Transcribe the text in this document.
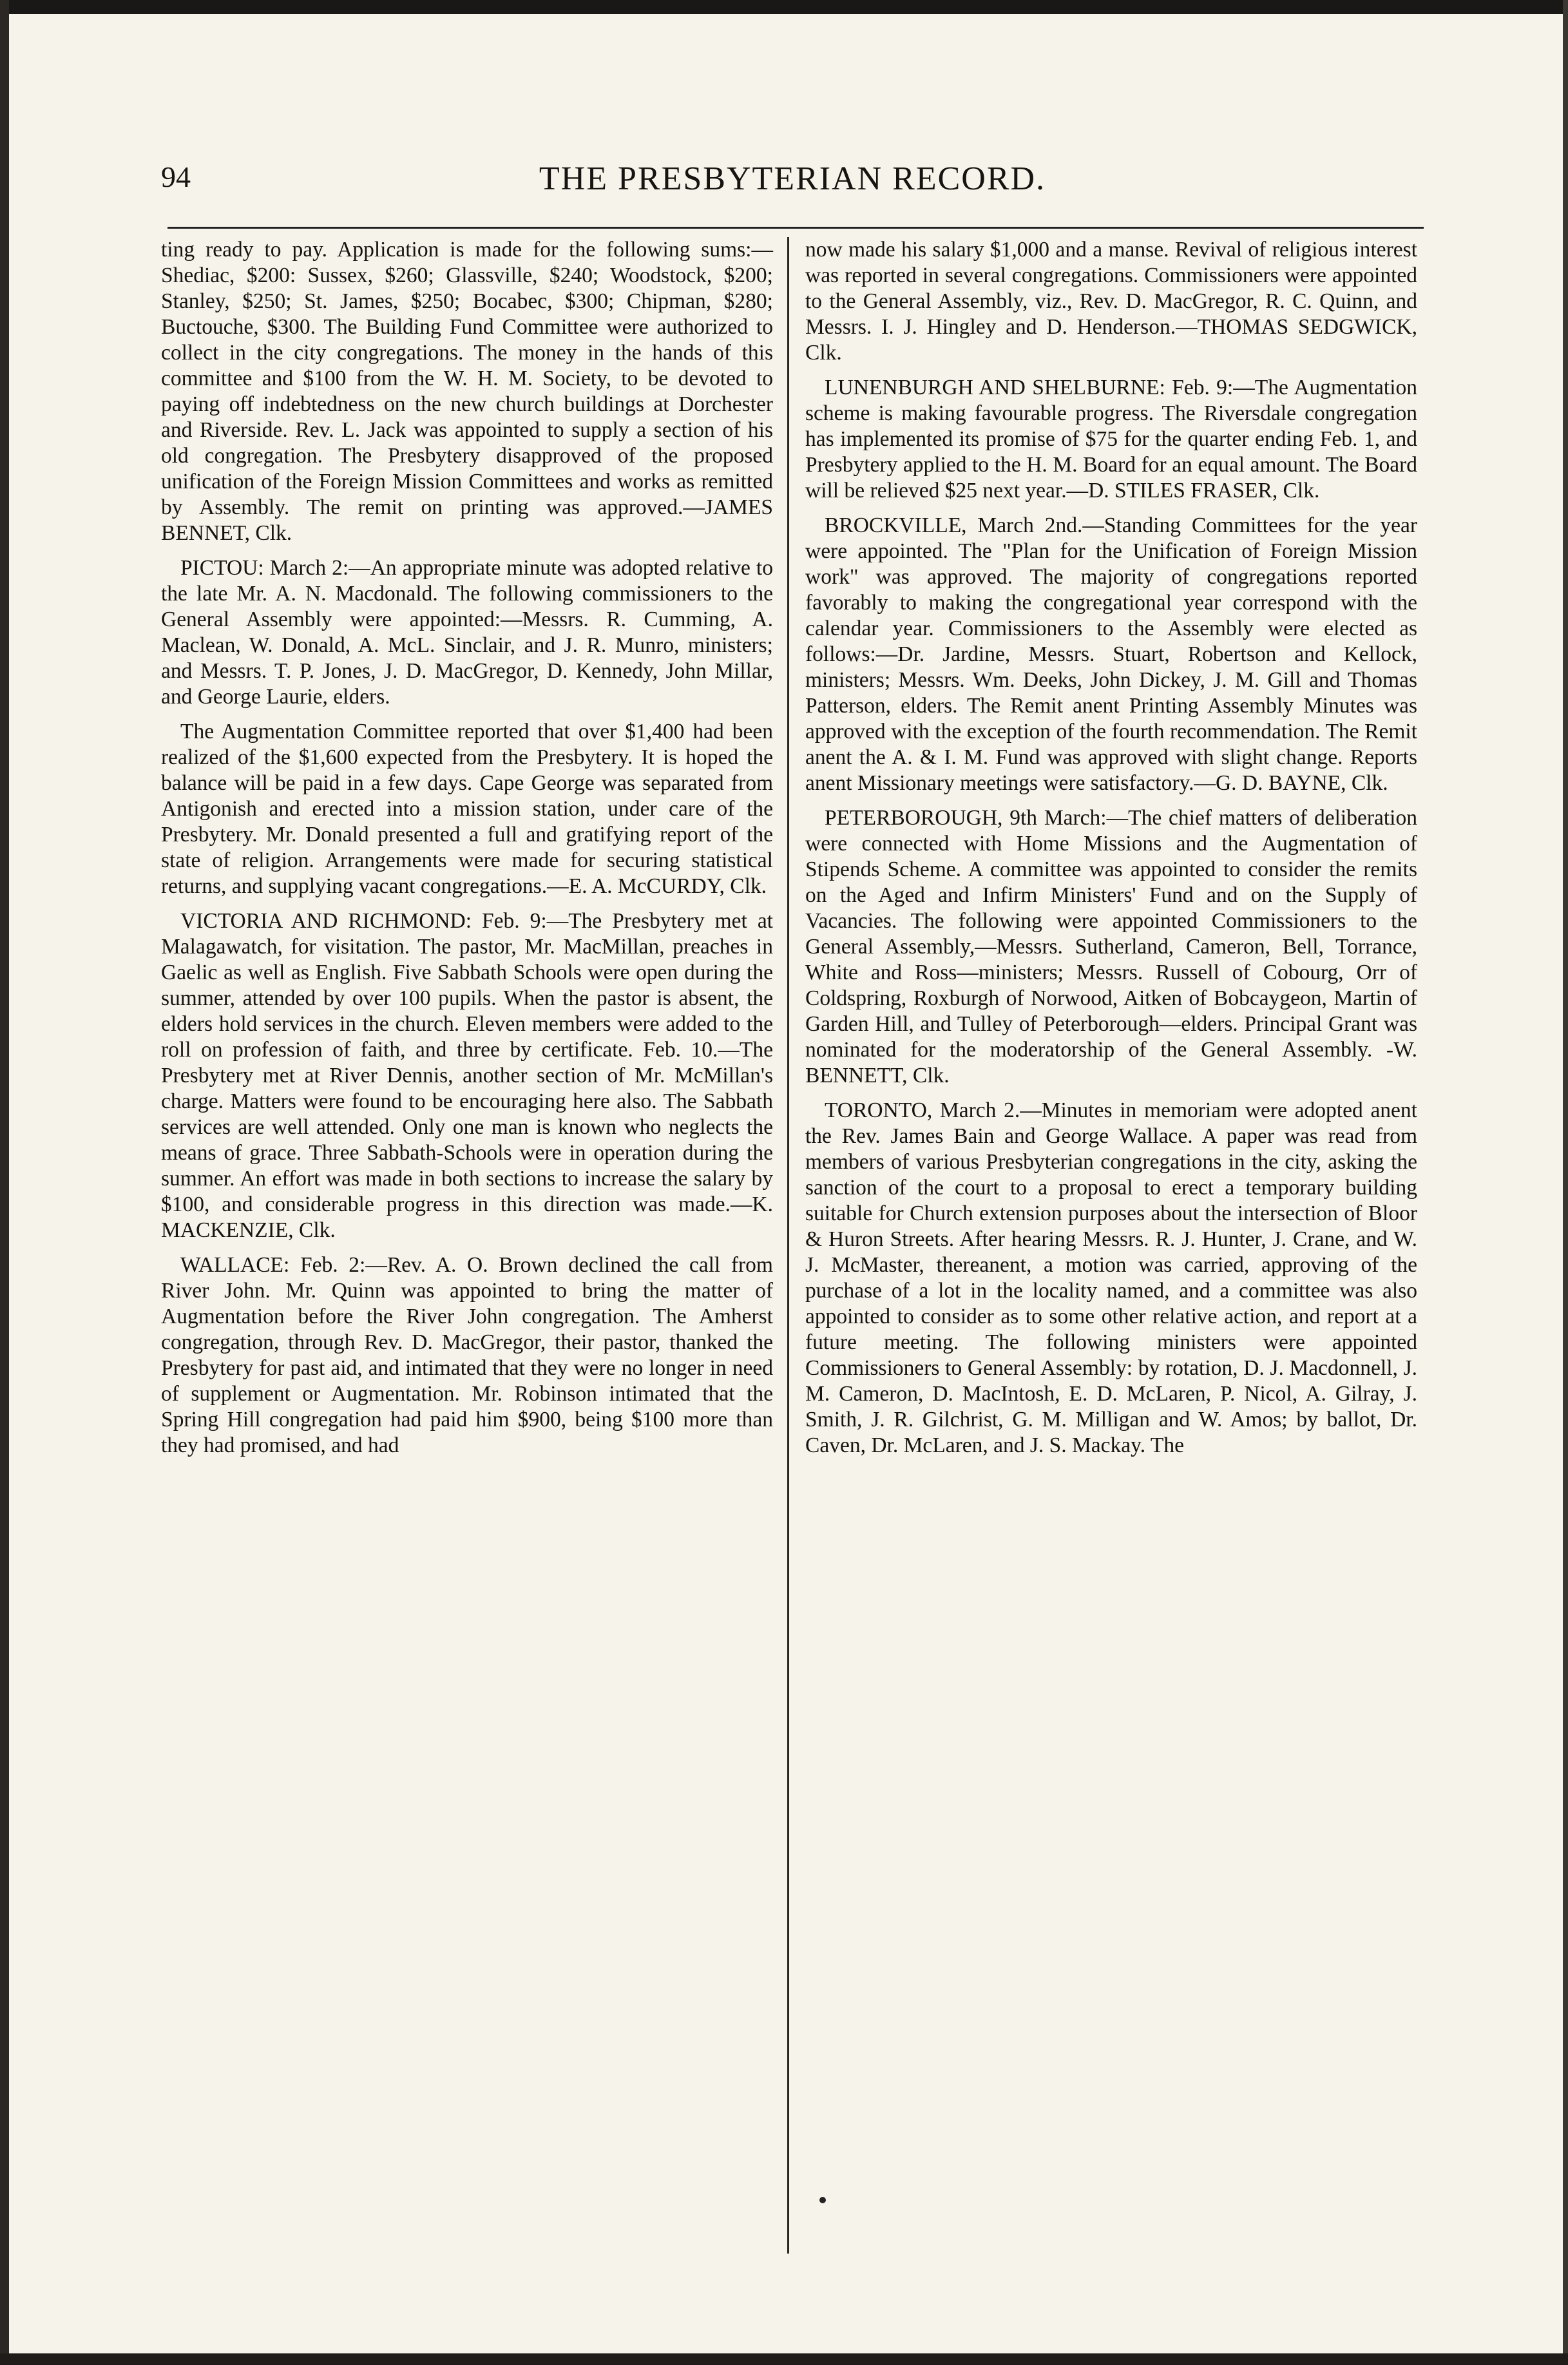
94	THE PRESBYTERIAN RECORD.

ting ready to pay. Application is made for the following sums:—Shediac, $200: Sussex, $260; Glassville, $240; Woodstock, $200; Stanley, $250; St. James, $250; Bocabec, $300; Chipman, $280; Buctouche, $300. The Building Fund Committee were authorized to collect in the city congregations. The money in the hands of this committee and $100 from the W. H. M. Society, to be devoted to paying off indebtedness on the new church buildings at Dorchester and Riverside. Rev. L. Jack was appointed to supply a section of his old congregation. The Presbytery disapproved of the proposed unification of the Foreign Mission Committees and works as remitted by Assembly. The remit on printing was approved.—JAMES BENNET, Clk.

PICTOU: March 2:—An appropriate minute was adopted relative to the late Mr. A. N. Macdonald. The following commissioners to the General Assembly were appointed:—Messrs. R. Cumming, A. Maclean, W. Donald, A. McL. Sinclair, and J. R. Munro, ministers; and Messrs. T. P. Jones, J. D. MacGregor, D. Kennedy, John Millar, and George Laurie, elders.

The Augmentation Committee reported that over $1,400 had been realized of the $1,600 expected from the Presbytery. It is hoped the balance will be paid in a few days. Cape George was separated from Antigonish and erected into a mission station, under care of the Presbytery. Mr. Donald presented a full and gratifying report of the state of religion. Arrangements were made for securing statistical returns, and supplying vacant congregations.—E. A. McCURDY, Clk.

VICTORIA AND RICHMOND: Feb. 9:—The Presbytery met at Malagawatch, for visitation. The pastor, Mr. MacMillan, preaches in Gaelic as well as English. Five Sabbath Schools were open during the summer, attended by over 100 pupils. When the pastor is absent, the elders hold services in the church. Eleven members were added to the roll on profession of faith, and three by certificate. Feb. 10.—The Presbytery met at River Dennis, another section of Mr. McMillan's charge. Matters were found to be encouraging here also. The Sabbath services are well attended. Only one man is known who neglects the means of grace. Three Sabbath-Schools were in operation during the summer. An effort was made in both sections to increase the salary by $100, and considerable progress in this direction was made.—K. MACKENZIE, Clk.

WALLACE: Feb. 2:—Rev. A. O. Brown declined the call from River John. Mr. Quinn was appointed to bring the matter of Augmentation before the River John congregation. The Amherst congregation, through Rev. D. MacGregor, their pastor, thanked the Presbytery for past aid, and intimated that they were no longer in need of supplement or Augmentation. Mr. Robinson intimated that the Spring Hill congregation had paid him $900, being $100 more than they had promised, and had

now made his salary $1,000 and a manse. Revival of religious interest was reported in several congregations. Commissioners were appointed to the General Assembly, viz., Rev. D. MacGregor, R. C. Quinn, and Messrs. I. J. Hingley and D. Henderson.—THOMAS SEDGWICK, Clk.

LUNENBURGH AND SHELBURNE: Feb. 9:—The Augmentation scheme is making favourable progress. The Riversdale congregation has implemented its promise of $75 for the quarter ending Feb. 1, and Presbytery applied to the H. M. Board for an equal amount. The Board will be relieved $25 next year.—D. STILES FRASER, Clk.

BROCKVILLE, March 2nd.—Standing Committees for the year were appointed. The "Plan for the Unification of Foreign Mission work" was approved. The majority of congregations reported favorably to making the congregational year correspond with the calendar year. Commissioners to the Assembly were elected as follows:—Dr. Jardine, Messrs. Stuart, Robertson and Kellock, ministers; Messrs. Wm. Deeks, John Dickey, J. M. Gill and Thomas Patterson, elders. The Remit anent Printing Assembly Minutes was approved with the exception of the fourth recommendation. The Remit anent the A. & I. M. Fund was approved with slight change. Reports anent Missionary meetings were satisfactory.—G. D. BAYNE, Clk.

PETERBOROUGH, 9th March:—The chief matters of deliberation were connected with Home Missions and the Augmentation of Stipends Scheme. A committee was appointed to consider the remits on the Aged and Infirm Ministers' Fund and on the Supply of Vacancies. The following were appointed Commissioners to the General Assembly,—Messrs. Sutherland, Cameron, Bell, Torrance, White and Ross—ministers; Messrs. Russell of Cobourg, Orr of Coldspring, Roxburgh of Norwood, Aitken of Bobcaygeon, Martin of Garden Hill, and Tulley of Peterborough—elders. Principal Grant was nominated for the moderatorship of the General Assembly. -W. BENNETT, Clk.

TORONTO, March 2.—Minutes in memoriam were adopted anent the Rev. James Bain and George Wallace. A paper was read from members of various Presbyterian congregations in the city, asking the sanction of the court to a proposal to erect a temporary building suitable for Church extension purposes about the intersection of Bloor & Huron Streets. After hearing Messrs. R. J. Hunter, J. Crane, and W. J. McMaster, thereanent, a motion was carried, approving of the purchase of a lot in the locality named, and a committee was also appointed to consider as to some other relative action, and report at a future meeting. The following ministers were appointed Commissioners to General Assembly: by rotation, D. J. Macdonnell, J. M. Cameron, D. MacIntosh, E. D. McLaren, P. Nicol, A. Gilray, J. Smith, J. R. Gilchrist, G. M. Milligan and W. Amos; by ballot, Dr. Caven, Dr. McLaren, and J. S. Mackay. The
